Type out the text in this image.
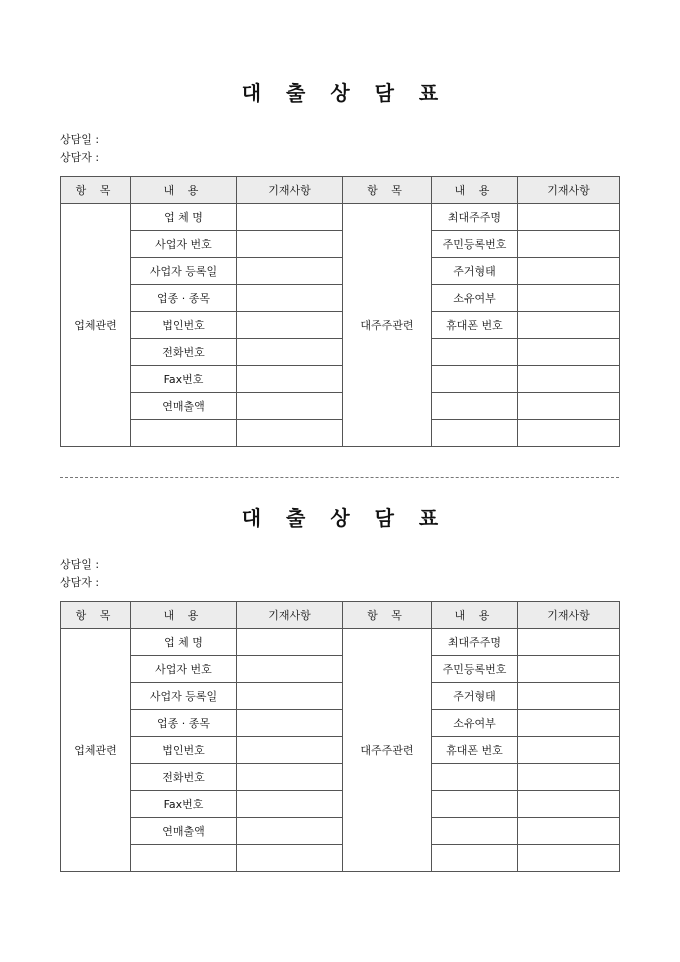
대 출 상 담 표
상담일 :
상담자 :
항 목	내 용	기재사항	항 목	내 용	기재사항
업체관련	업 체 명		대주주관련	최대주주명	
	사업자 번호			주민등록번호	
	사업자 등록일			주거형태	
	업종 · 종목			소유여부	
	법인번호			휴대폰 번호	
	전화번호				
	Fax번호				
	연매출액				

대 출 상 담 표
상담일 :
상담자 :
항 목	내 용	기재사항	항 목	내 용	기재사항
업체관련	업 체 명		대주주관련	최대주주명	
	사업자 번호			주민등록번호	
	사업자 등록일			주거형태	
	업종 · 종목			소유여부	
	법인번호			휴대폰 번호	
	전화번호				
	Fax번호				
	연매출액				
